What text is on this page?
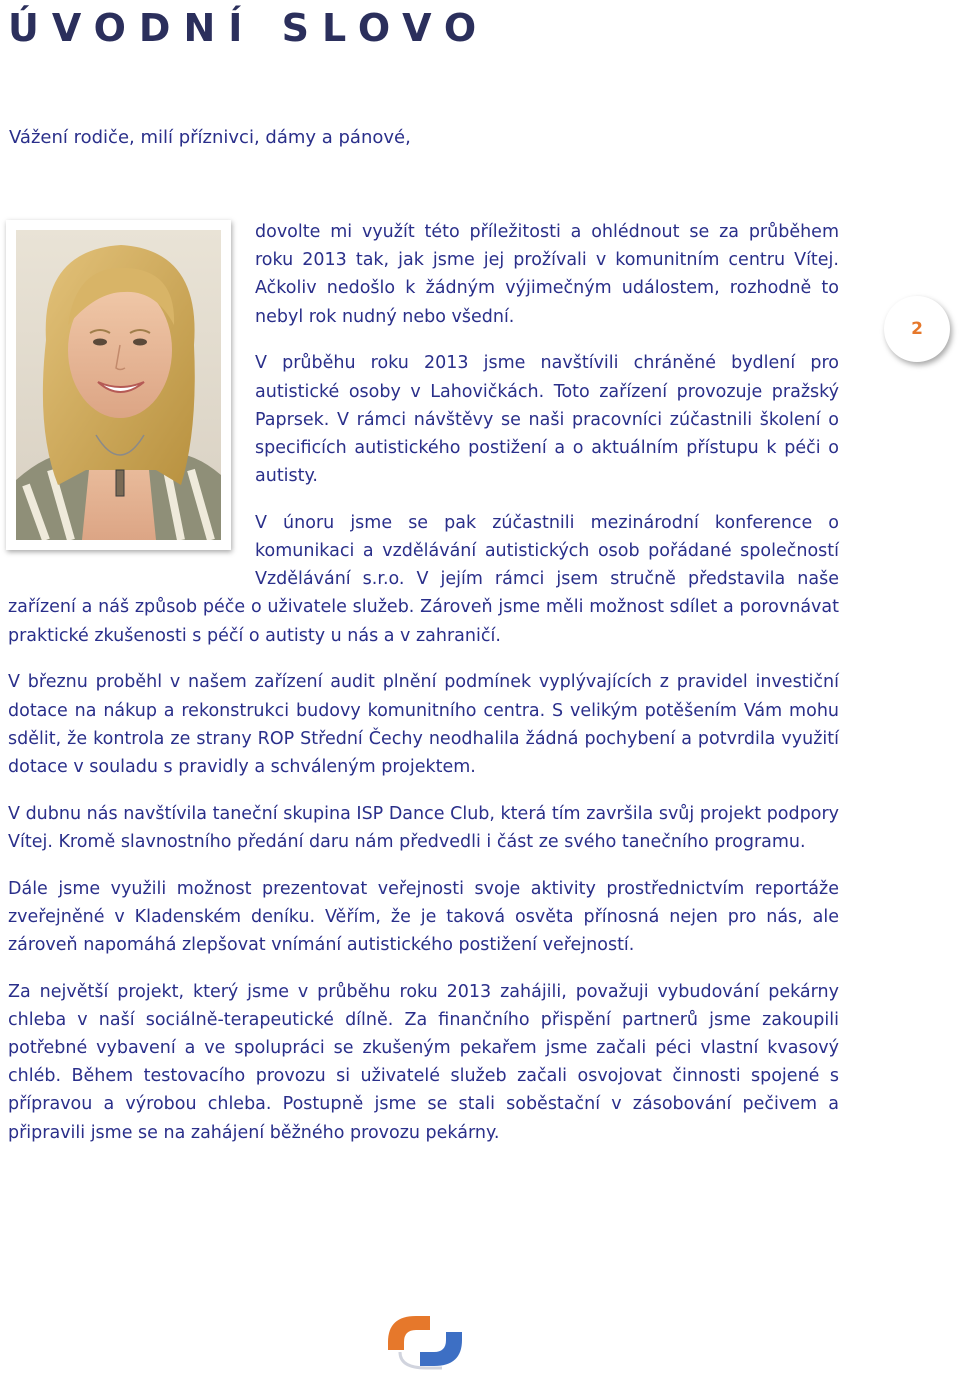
ÚVODNÍ SLOVO

Vážení rodiče, milí příznivci, dámy a pánové,

dovolte mi využít této příležitosti a ohlédnout se za průběhem roku 2013 tak, jak jsme jej prožívali v komunitním centru Vítej. Ačkoliv nedošlo k žádným výjimečným událostem, rozhodně to nebyl rok nudný nebo všední.

V průběhu roku 2013 jsme navštívili chráněné bydlení pro autistické osoby v Lahovičkách. Toto zařízení provozuje pražský Paprsek. V rámci návštěvy se naši pracovníci zúčastnili školení o specificích autistického postižení a o aktuálním přístupu k péči o autisty.

V únoru jsme se pak zúčastnili mezinárodní konference o komunikaci a vzdělávání autistických osob pořádané společností Vzdělávání s.r.o. V jejím rámci jsem stručně představila naše zařízení a náš způsob péče o uživatele služeb. Zároveň jsme měli možnost sdílet a porovnávat praktické zkušenosti s péčí o autisty u nás a v zahraničí.

V březnu proběhl v našem zařízení audit plnění podmínek vyplývajících z pravidel investiční dotace na nákup a rekonstrukci budovy komunitního centra. S velikým potěšením Vám mohu sdělit, že kontrola ze strany ROP Střední Čechy neodhalila žádná pochybení a potvrdila využití dotace v souladu s pravidly a schváleným projektem.

V dubnu nás navštívila taneční skupina ISP Dance Club, která tím završila svůj projekt podpory Vítej. Kromě slavnostního předání daru nám předvedli i část ze svého tanečního programu.

Dále jsme využili možnost prezentovat veřejnosti svoje aktivity prostřednictvím reportáže zveřejněné v Kladenském deníku. Věřím, že je taková osvěta přínosná nejen pro nás, ale zároveň napomáhá zlepšovat vnímání autistického postižení veřejností.

Za největší projekt, který jsme v průběhu roku 2013 zahájili, považuji vybudování pekárny chleba v naší sociálně-terapeutické dílně. Za finančního přispění partnerů jsme zakoupili potřebné vybavení a ve spolupráci se zkušeným pekařem jsme začali péci vlastní kvasový chléb. Během testovacího provozu si uživatelé služeb začali osvojovat činnosti spojené s přípravou a výrobou chleba. Postupně jsme se stali soběstační v zásobování pečivem a připravili jsme se na zahájení běžného provozu pekárny.

2
